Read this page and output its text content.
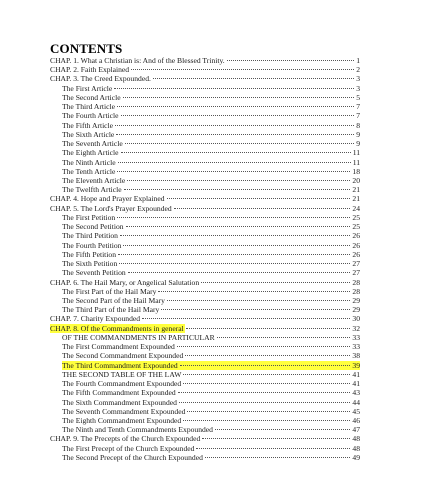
CONTENTS
CHAP. 1. What a Christian is: And of the Blessed Trinity.	1
CHAP. 2. Faith Explained	2
CHAP. 3. The Creed Expounded.	3
The First Article	3
The Second Article	5
The Third Article	7
The Fourth Article	7
The Fifth Article	8
The Sixth Article	9
The Seventh Article	9
The Eighth Article	11
The Ninth Article	11
The Tenth Article	18
The Eleventh Article	20
The Twelfth Article	21
CHAP. 4. Hope and Prayer Explained	21
CHAP. 5. The Lord's Prayer Expounded	24
The First Petition	25
The Second Petition	25
The Third Petition	26
The Fourth Petition	26
The Fifth Petition	26
The Sixth Petition	27
The Seventh Petition	27
CHAP. 6. The Hail Mary, or Angelical Salutation	28
The First Part of the Hail Mary	28
The Second Part of the Hail Mary	29
The Third Part of the Hail Mary	29
CHAP. 7. Charity Expounded	30
CHAP. 8. Of the Commandments in general	32
OF THE COMMANDMENTS IN PARTICULAR	33
The First Commandment Expounded	33
The Second Commandment Expounded	38
The Third Commandment Expounded	39
THE SECOND TABLE OF THE LAW	41
The Fourth Commandment Expounded	41
The Fifth Commandment Expounded	43
The Sixth Commandment Expounded	44
The Seventh Commandment Expounded	45
The Eighth Commandment Expounded	46
The Ninth and Tenth Commandments Expounded	47
CHAP. 9. The Precepts of the Church Expounded	48
The First Precept of the Church Expounded	48
The Second Precept of the Church Expounded	49
